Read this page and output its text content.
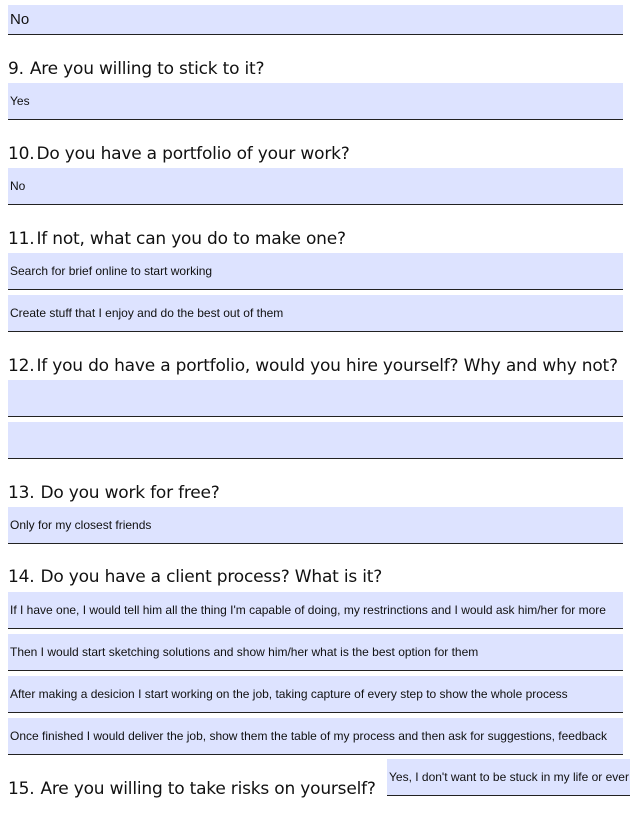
No
9. Are you willing to stick to it?
Yes
10. Do you have a portfolio of your work?
No
11. If not, what can you do to make one?
Search for brief online to start working
Create stuff that I enjoy and do the best out of them
12. If you do have a portfolio, would you hire yourself? Why and why not?
13. Do you work for free?
Only for my closest friends
14. Do you have a client process? What is it?
If I have one, I would tell him all the thing I'm capable of doing, my restrinctions and I would ask him/her for more
Then I would start sketching solutions and show him/her what is the best option for them
After making a desicion I start working on the job, taking capture of every step to show the whole process
Once finished I would deliver the job, show them the table of my process and then ask for suggestions, feedback
15. Are you willing to take risks on yourself?
Yes, I don't want to be stuck in my life or ever
